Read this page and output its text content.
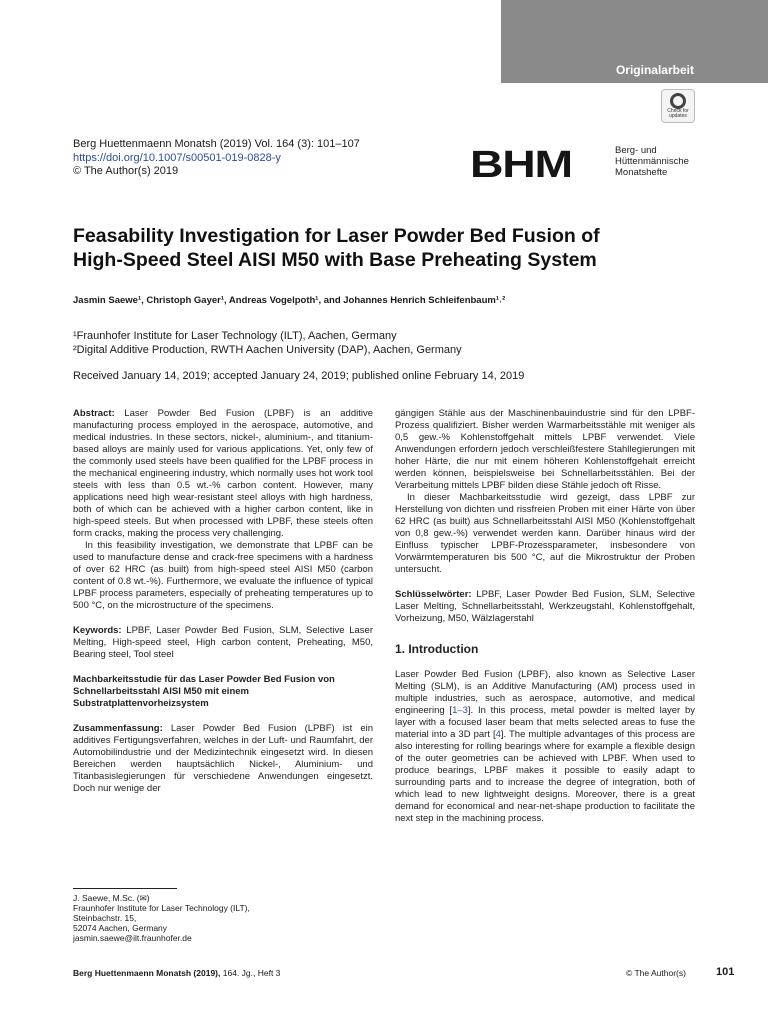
Originalarbeit
Check for updates
Berg Huettenmaenn Monatsh (2019) Vol. 164 (3): 101–107
https://doi.org/10.1007/s00501-019-0828-y
© The Author(s) 2019	BHM	Berg- und
Hüttenmännische
Monatshefte
Feasability Investigation for Laser Powder Bed Fusion of
High-Speed Steel AISI M50 with Base Preheating System
Jasmin Saewe¹, Christoph Gayer¹, Andreas Vogelpoth¹, and Johannes Henrich Schleifenbaum¹˒²
¹Fraunhofer Institute for Laser Technology (ILT), Aachen, Germany
²Digital Additive Production, RWTH Aachen University (DAP), Aachen, Germany
Received January 14, 2019; accepted January 24, 2019; published online February 14, 2019

Abstract: Laser Powder Bed Fusion (LPBF) is an additive manufacturing process employed in the aerospace, automotive, and medical industries. In these sectors, nickel-, aluminium-, and titanium-based alloys are mainly used for various applications. Yet, only few of the commonly used steels have been qualified for the LPBF process in the mechanical engineering industry, which normally uses hot work tool steels with less than 0.5 wt.-% carbon content. However, many applications need high wear-resistant steel alloys with high hardness, both of which can be achieved with a higher carbon content, like in high-speed steels. But when processed with LPBF, these steels often form cracks, making the process very challenging.

In this feasibility investigation, we demonstrate that LPBF can be used to manufacture dense and crack-free specimens with a hardness of over 62 HRC (as built) from high-speed steel AISI M50 (carbon content of 0.8 wt.-%). Furthermore, we evaluate the influence of typical LPBF process parameters, especially of preheating temperatures up to 500 °C, on the microstructure of the specimens.

Keywords: LPBF, Laser Powder Bed Fusion, SLM, Selective Laser Melting, High-speed steel, High carbon content, Preheating, M50, Bearing steel, Tool steel

Machbarkeitsstudie für das Laser Powder Bed Fusion von Schnellarbeitsstahl AISI M50 mit einem Substratplattenvorheizsystem

Zusammenfassung: Laser Powder Bed Fusion (LPBF) ist ein additives Fertigungsverfahren, welches in der Luft- und Raumfahrt, der Automobilindustrie und der Medizintechnik eingesetzt wird. In diesen Bereichen werden hauptsächlich Nickel-, Aluminium- und Titanbasislegierungen für verschiedene Anwendungen eingesetzt. Doch nur wenige der

gängigen Stähle aus der Maschinenbauindustrie sind für den LPBF-Prozess qualifiziert. Bisher werden Warmarbeitsstähle mit weniger als 0,5 gew.-% Kohlenstoffgehalt mittels LPBF verwendet. Viele Anwendungen erfordern jedoch verschleißfestere Stahllegierungen mit hoher Härte, die nur mit einem höheren Kohlenstoffgehalt erreicht werden können, beispielsweise bei Schnellarbeitsstählen. Bei der Verarbeitung mittels LPBF bilden diese Stähle jedoch oft Risse.

In dieser Machbarkeitsstudie wird gezeigt, dass LPBF zur Herstellung von dichten und rissfreien Proben mit einer Härte von über 62 HRC (as built) aus Schnellarbeitsstahl AISI M50 (Kohlenstoffgehalt von 0,8 gew.-%) verwendet werden kann. Darüber hinaus wird der Einfluss typischer LPBF-Prozessparameter, insbesondere von Vorwärmtemperaturen bis 500 °C, auf die Mikrostruktur der Proben untersucht.

Schlüsselwörter: LPBF, Laser Powder Bed Fusion, SLM, Selective Laser Melting, Schnellarbeitsstahl, Werkzeugstahl, Kohlenstoffgehalt, Vorheizung, M50, Wälzlagerstahl

1. Introduction

Laser Powder Bed Fusion (LPBF), also known as Selective Laser Melting (SLM), is an Additive Manufacturing (AM) process used in multiple industries, such as aerospace, automotive, and medical engineering [1–3]. In this process, metal powder is melted layer by layer with a focused laser beam that melts selected areas to fuse the material into a 3D part [4]. The multiple advantages of this process are also interesting for rolling bearings where for example a flexible design of the outer geometries can be achieved with LPBF. When used to produce bearings, LPBF makes it possible to easily adapt to surrounding parts and to increase the degree of integration, both of which lead to new lightweight designs. Moreover, there is a great demand for economical and near-net-shape production to facilitate the next step in the machining process.

J. Saewe, M.Sc. (✉)
Fraunhofer Institute for Laser Technology (ILT),
Steinbachstr. 15,
52074 Aachen, Germany
jasmin.saewe@ilt.fraunhofer.de
Berg Huettenmaenn Monatsh (2019), 164. Jg., Heft 3	© The Author(s)	101
